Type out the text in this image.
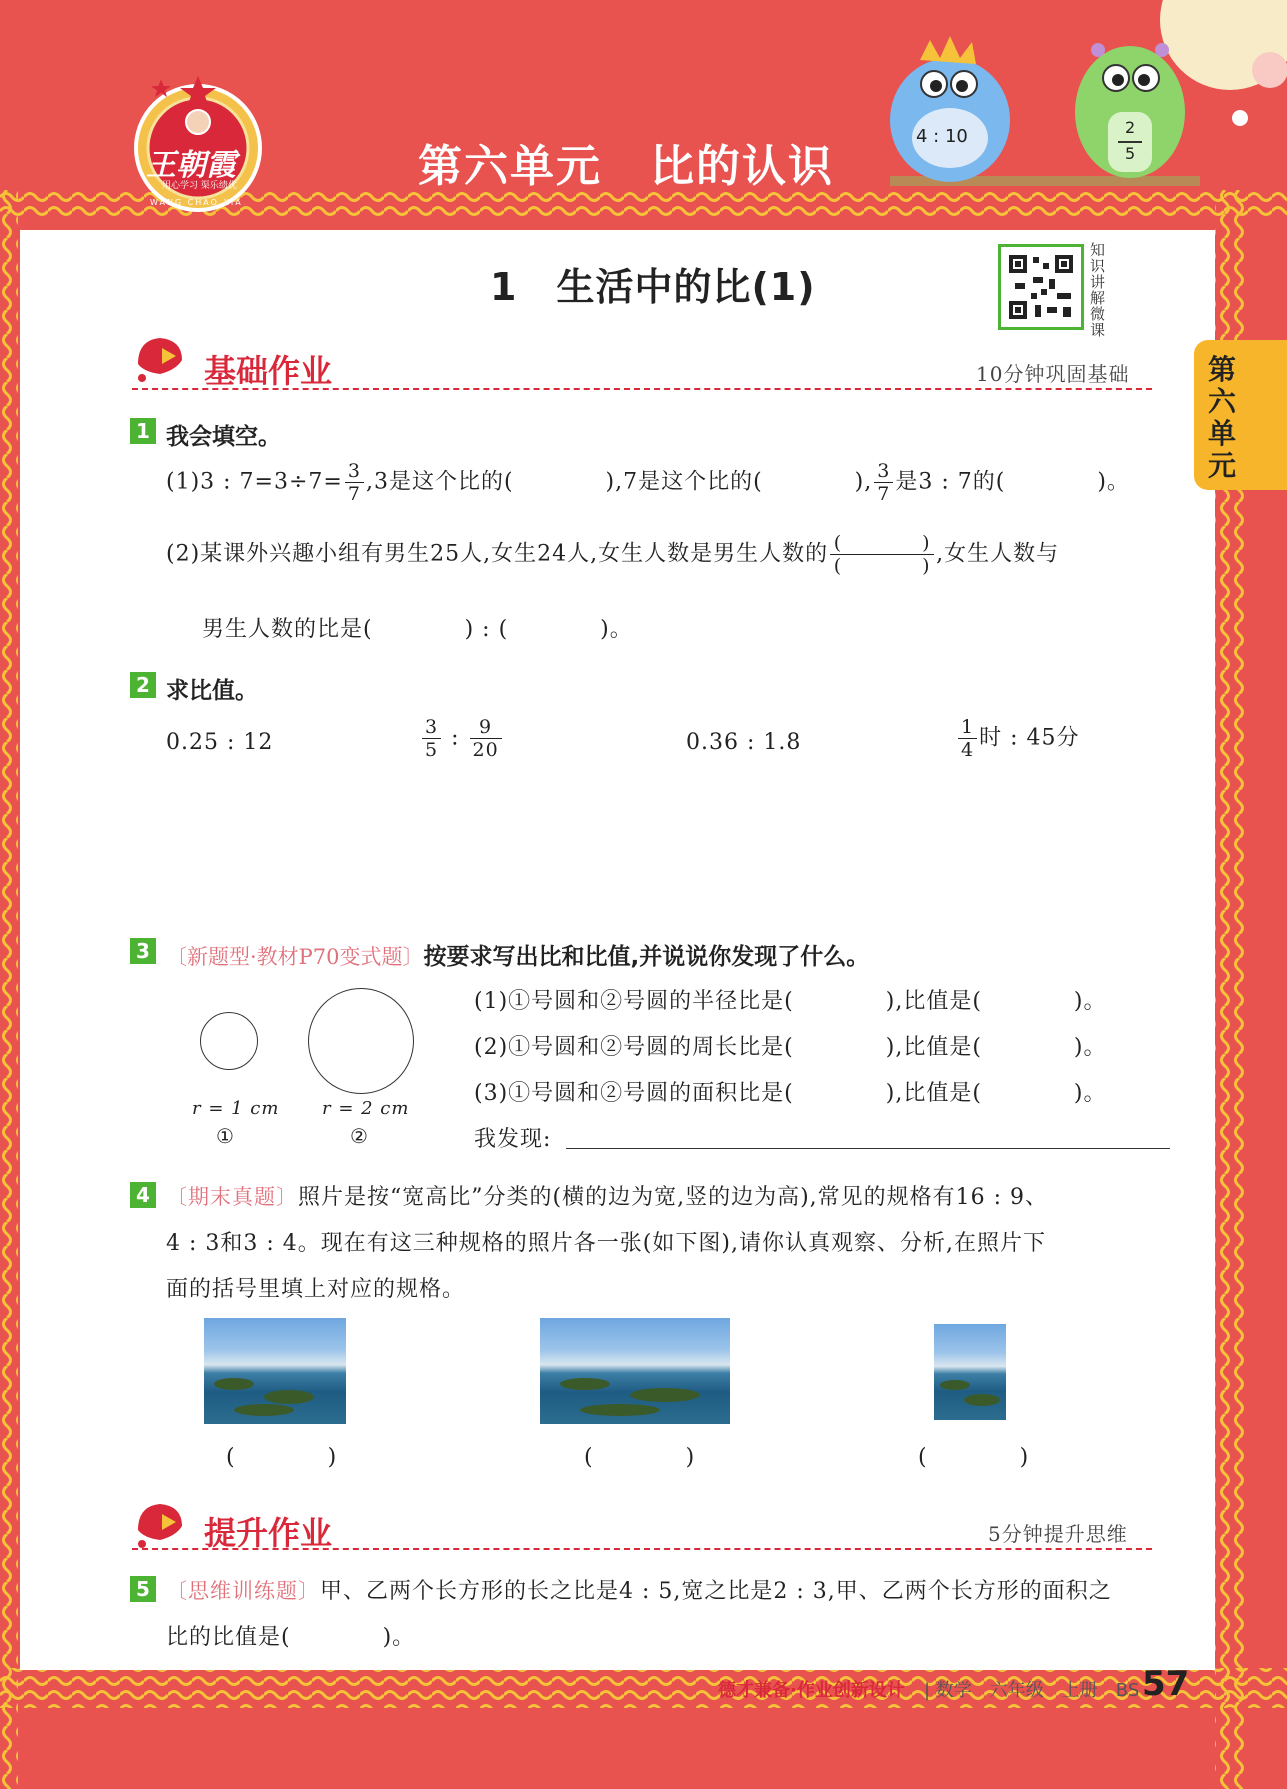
王朝霞
用心学习 渠乐绩优
WANG CHAO XIA
第六单元 比的认识
4 : 10	2
5
第六单元
1　生活中的比(1)
知识讲解微课
基础作业	10分钟巩固基础
1 我会填空。
(1)3 : $7=3\div 7= \frac{3}{7} ,3$是这个比的(　　　　),7是这个比的(　　　　), $\frac{3}{7}$ 是3 : 7的(　　　　)。
(2)某课外兴趣小组有男生25人,女生24人,女生人数是男生人数的 $\frac{( )}{( )}$ ,女生人数与
男生人数的比是(　　　　) : (　　　　)。
2 求比值。
0.25 : 12	$\frac{3}{5}$ : $\frac{9}{20}$	0.36 : 1.8	$\frac{1}{4}$ 时 : 45分
3 〔新题型·教材P70变式题〕按要求写出比和比值,并说说你发现了什么。
r = 1 cm
①
r = 2 cm
②
(1)①号圆和②号圆的半径比是(　　　　),比值是(　　　　)。
(2)①号圆和②号圆的周长比是(　　　　),比值是(　　　　)。
(3)①号圆和②号圆的面积比是(　　　　),比值是(　　　　)。
我发现:
4 〔期末真题〕照片是按“宽高比”分类的(横的边为宽,竖的边为高),常见的规格有16 : 9、
4 : 3和3 : 4。现在有这三种规格的照片各一张(如下图),请你认真观察、分析,在照片下
面的括号里填上对应的规格。
(　　　　)	(　　　　)	(　　　　)
提升作业	5分钟提升思维
5 〔思维训练题〕甲、乙两个长方形的长之比是4 : 5,宽之比是2 : 3,甲、乙两个长方形的面积之
比的比值是(　　　　)。
德才兼备·作业创新设计 | 数学　六年级　上册　BS 57
